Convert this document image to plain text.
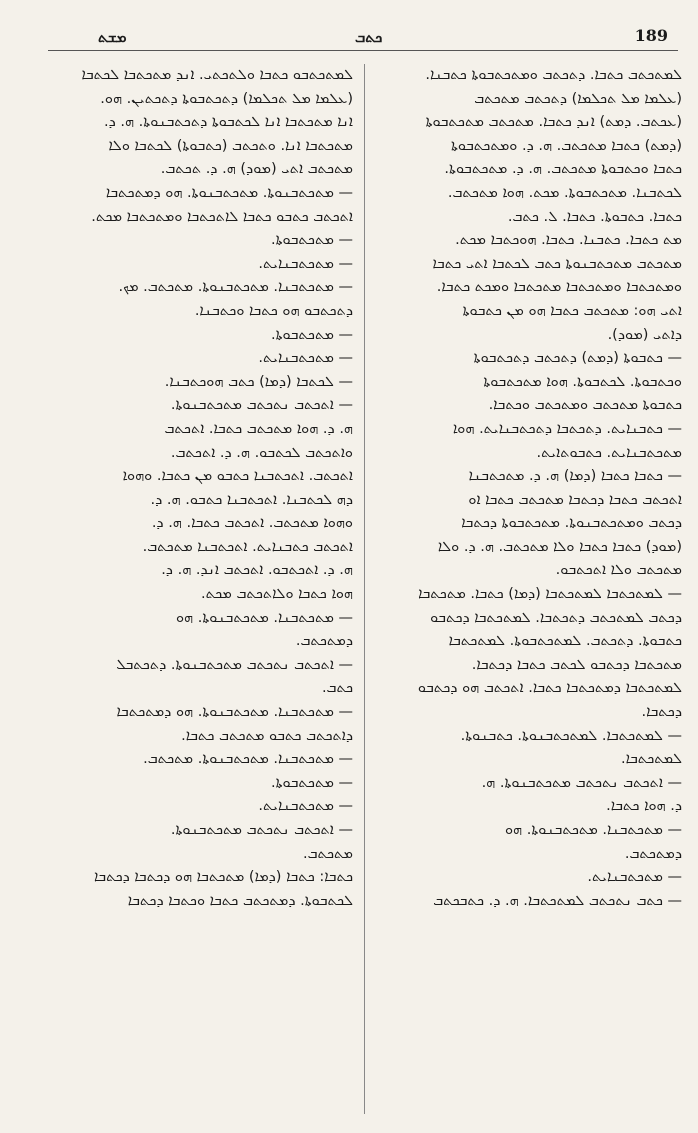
ܡܫܬ	ܟܬܒ	189
ܠܡܬܟܬܒ ܟܬܒܐ. ܕܬܟܬܒ ܘܡܬܟܬܒܘܬܐ ܟܬܒܢܐ.
(ܥܠܡܐ ܡܠ ܬܟܠܡܐ) ܕܬܟܬܒ ܡܬܟܬܒ
(ܥܟܬܒ. ܕܡܬ) ܐܢܕ ܟܬܒܐ. ܡܬܟܬܒ ܡܬܟܬܒܘܬܐ
(ܕܡܬ) ܟܬܒܐ ܡܬܟܬܒ. ܗ. ܕ. ܘܡܬܟܬܒܘܬܐ
ܟܬܒܐ ܘܟܬܒܘܬܐ ܡܬܟܬܒ. ܗ. ܕ. ܡܬܟܬܒܘܬܐ.
ܠܟܬܒܢܐ. ܡܬܟܬܒܘܬܐ. ܡܟܬ. ܗܘܐ ܡܬܟܬܒ.
ܟܬܒܐ. ܟܬܒܘܬܐ. ܟܬܒܐ. ܠ. ܟܬܒ.
ܡܬ ܟܬܒܐ. ܟܬܒܢܐ. ܟܬܒܐ. ܗܘܟܬܒܐ ܡܟܬ.
ܡܬܟܬܒ ܡܬܟܬܒܢܘܬܐ ܟܬܒ ܠܟܬܒܐ ܐܬܝ ܟܬܒܐ
ܘܡܬܟܬܒܐ ܘܡܬܟܬܒܐ ܡܬܟܬܒܐ ܘܡܟܬ ܟܬܒܐ.
ܐܬܝ ܗܘ: ܡܬܟܬܒ ܟܬܒܐ ܗܘ ܡܢ ܟܬܒܘܬܐ
ܕܐܬܝ (ܡܘܕ).
— ܟܬܒܘܬܐ (ܕܡܬ) ܕܬܟܬܒ ܕܬܟܬܒܘܬܐ
ܘܟܬܒܘܬܐ. ܠܟܬܒܘܬܐ. ܗܘܐ ܡܬܟܬܒܘܬܐ
ܟܬܒܘܬܐ ܡܬܟܬܒ ܘܡܬܟܬܒ ܘܟܬܒܐ.
— ܟܬܒܢܐܝܬ. ܕܬܟܬܒܐ ܕܬܟܬܒܢܐܝܬ. ܗܘܐ
ܡܬܟܬܒܢܐܝܬ. ܟܬܒܘܬܐܝܬ.
— ܟܬܒܐ ܟܬܒܐ (ܕܡܐ) ܗ. ܕ. ܡܬܟܬܒܢܐ
ܐܬܟܬܒ ܟܬܒܐ ܕܟܬܒܐ ܡܬܟܬܒ ܟܬܒܐ ܐܘ
ܕܟܬܒ ܘܡܬܟܬܒܢܘܬܐ. ܡܬܟܬܒܘܬܐ ܕܟܬܒܐ
(ܡܘܕ) ܟܬܒܐ ܟܬܒܐ ܘܠܐ ܡܬܟܬܒ. ܗ. ܕ. ܘܠܐ
ܡܬܟܬܒ ܘܠܐ ܐܬܟܬܒܘ.
— ܠܡܬܟܬܒܐ ܠܡܬܟܬܒܐ (ܕܡܐ) ܟܬܒܐ. ܡܬܟܬܒܐ
ܕܟܬܒ ܠܡܬܟܬܒ ܕܬܟܬܒܐ. ܠܡܬܟܬܒܐ ܕܟܬܒܘ
ܟܬܒܘܬܐ. ܕܬܟܬܒ. ܠܡܬܟܬܒܘܬܐ. ܠܡܬܟܬܒܐ
ܡܬܟܬܒܐ ܕܟܬܒܘ ܠܟܬܒ ܟܬܒܐ ܕܟܬܒܐ.
ܠܡܬܟܬܒܐ ܕܡܬܟܬܒܐ ܟܬܒܐ. ܐܬܟܬܒ ܗܘ ܕܟܬܒܘ
ܕܟܬܒܐ.
— ܠܡܬܟܬܒܐ. ܠܡܬܟܬܒܢܘܬܐ. ܟܬܒܢܘܬܐ.
ܠܡܬܟܬܒܐ.
— ܐܬܟܬܒ ܢܬܟܬܒ ܡܬܟܬܒܢܘܬܐ. ܗ.
ܕ. ܗܘܐ ܟܬܒܐ.
— ܡܬܟܬܒܢܐ. ܡܬܟܬܒܢܘܬܐ. ܗܘ
ܕܡܬܟܬܒ.
— ܡܬܟܬܒܢܐܝܬ.
— ܟܬܒ ܢܬܟܬܒ ܠܡܬܟܬܒܐ. ܗ. ܕ. ܟܬܒܟܬܒ
ܠܡܬܟܬܒܘ ܟܬܒܐ ܘܠܬܟܬܝ. ܐܢܕ ܡܬܟܬܒܐ ܠܟܬܒܐ
(ܥܠܡܐ ܡܠ ܬܟܠܡܐ) ܕܬܟܬܒܘܬܐ ܕܬܟܬܝܢ. ܗܘ.
ܐܢܐ ܡܬܟܬܒܐ ܐܢܐ ܠܟܬܒܘܬܐ ܕܬܟܬܒܢܘܬܐ. ܗ. ܕ.
ܡܬܟܬܒܐ ܐܢܐ. ܘܬܟܬܒ (ܟܬܒܘܬܐ) ܠܟܬܒܐ ܘܠܐ
ܡܬܟܬܒ ܐܬܝ (ܡܘܕ) ܗ. ܕ. ܬܟܬܒ.
— ܡܬܟܬܒܢܘܬܐ. ܡܬܟܬܒܢܘܬܐ. ܗܘ ܕܡܬܟܬܒܐ
ܐܬܟܬܒ ܟܬܒܘ ܟܬܒܐ ܠܐܬܟܬܒܐ ܘܡܬܟܬܒܐ ܡܟܬ.
— ܡܬܟܬܒܘܬܐ.
— ܡܬܟܬܒܢܐܝܬ.
— ܡܬܟܬܒܢܐ. ܡܬܟܬܒܢܘܬܐ. ܡܬܟܬܒ. ܡܟ.
ܕܬܟܬܒܘ ܗܘ ܟܬܒܐ ܘܟܬܒܢܐ.
— ܡܬܟܬܒܘܬܐ.
— ܡܬܟܬܒܢܐܝܬ.
— ܠܟܬܒܐ (ܕܡܐ) ܟܬܒ ܗܘܟܬܒܢܐ.
— ܐܬܟܬܒ ܢܬܟܬܒ ܡܬܟܬܒܢܘܬܐ.
ܗ. ܕ. ܗܘܐ ܡܬܟܬܒ ܟܬܒܐ. ܐܬܟܬܒ
ܘܐܬܟܬܒ ܠܟܬܒܘ. ܗ. ܕ. ܐܬܟܬܒ.
ܐܬܟܬܒ. ܐܬܟܬܒܢܐ ܟܬܒܘ ܡܢ ܟܬܒܐ. ܘܗܘܐ
ܕܗ ܠܟܬܒܢܐ. ܐܬܟܬܒܢܐ ܟܬܒܘ. ܗ. ܕ.
ܘܗܘܐ ܡܬܟܬܒ. ܐܬܟܬܒ ܟܬܒܐ. ܗ. ܕ.
ܐܬܟܬܒ ܟܬܒܢܐܝܬ. ܐܬܟܬܒܢܐ ܡܬܟܬܒ.
ܗ. ܕ. ܐܬܟܬܒܘ. ܐܬܟܬܒ ܐܢܕ. ܗ. ܕ.
ܗܘܐ ܟܬܒܐ ܘܠܐܬܟܬܒ ܡܟܬ.
— ܡܬܟܬܒܢܐ. ܡܬܟܬܒܢܘܬܐ. ܗܘ
ܕܡܬܟܬܒ.
— ܐܬܟܬܒ ܢܬܟܬܒ ܡܬܟܬܒܢܘܬܐ. ܕܬܟܬܒܠ
ܟܬܒ.
— ܡܬܟܬܒܢܐ. ܡܬܟܬܒܢܘܬܐ. ܗܘ ܕܡܬܟܬܒܐ
ܕܐܬܟܬܒ ܟܬܒܘ ܡܬܟܬܒ ܟܬܒܐ.
— ܡܬܟܬܒܢܐ. ܡܬܟܬܒܢܘܬܐ. ܡܬܟܬܒ.
— ܡܬܟܬܒܘܬܐ.
— ܡܬܟܬܒܢܐܝܬ.
— ܐܬܟܬܒ ܢܬܟܬܒ ܡܬܟܬܒܢܘܬܐ.
ܡܬܟܬܒ.
ܟܬܒܐ: ܟܬܒܐ (ܕܡܐ) ܡܬܟܬܒܐ ܗܘ ܕܟܬܒܐ ܕܟܬܒܐ
ܠܟܬܒܘܬܐ. ܕܡܬܟܬܒ ܟܬܒܐ ܘܟܬܒܐ ܕܟܬܒܐ
